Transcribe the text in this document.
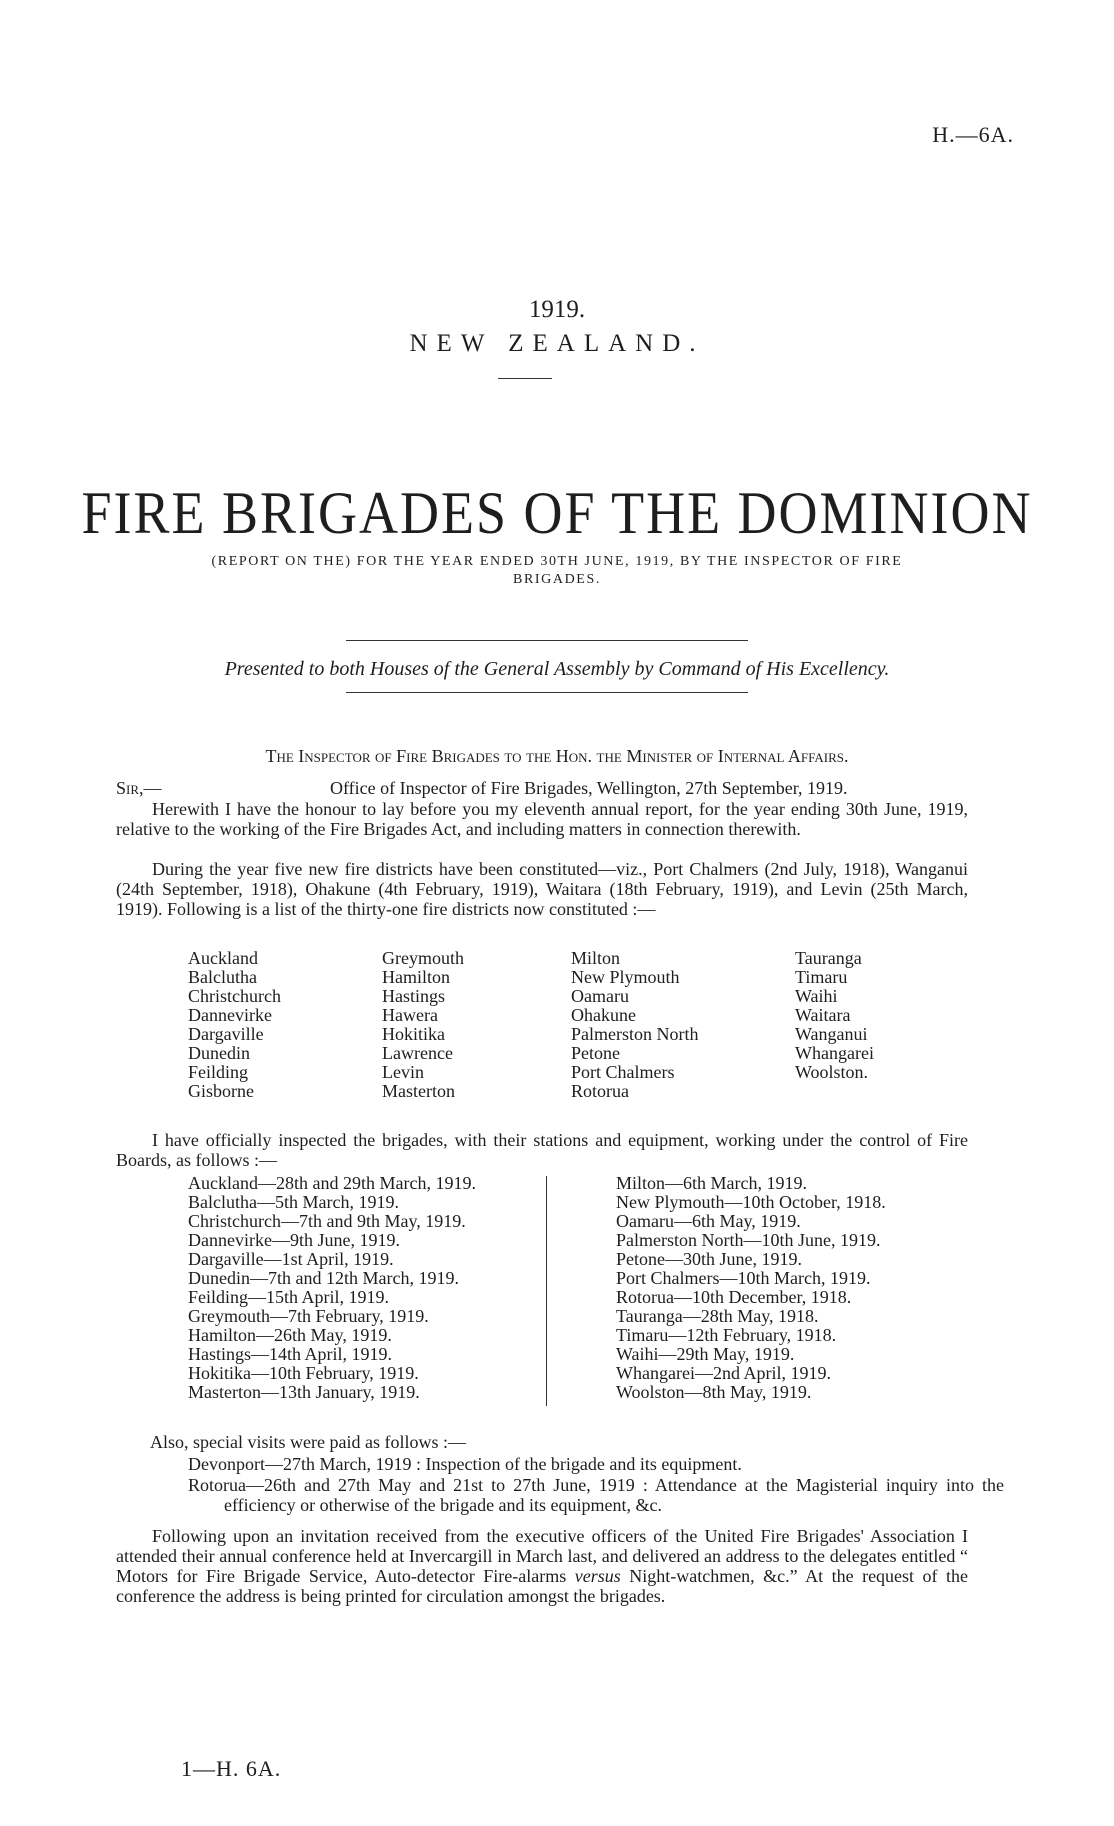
H.—6A.
1919.
NEW ZEALAND.
FIRE BRIGADES OF THE DOMINION
(REPORT ON THE) FOR THE YEAR ENDED 30TH JUNE, 1919, BY THE INSPECTOR OF FIRE BRIGADES.
Presented to both Houses of the General Assembly by Command of His Excellency.
The Inspector of Fire Brigades to the Hon. the Minister of Internal Affairs.
Sir,—	Office of Inspector of Fire Brigades, Wellington, 27th September, 1919.
Herewith I have the honour to lay before you my eleventh annual report, for the year ending 30th June, 1919, relative to the working of the Fire Brigades Act, and including matters in connection therewith.
During the year five new fire districts have been constituted—viz., Port Chalmers (2nd July, 1918), Wanganui (24th September, 1918), Ohakune (4th February, 1919), Waitara (18th February, 1919), and Levin (25th March, 1919). Following is a list of the thirty-one fire districts now constituted :—
Auckland
Balclutha
Christchurch
Dannevirke
Dargaville
Dunedin
Feilding
Gisborne
Greymouth
Hamilton
Hastings
Hawera
Hokitika
Lawrence
Levin
Masterton
Milton
New Plymouth
Oamaru
Ohakune
Palmerston North
Petone
Port Chalmers
Rotorua
Tauranga
Timaru
Waihi
Waitara
Wanganui
Whangarei
Woolston.
I have officially inspected the brigades, with their stations and equipment, working under the control of Fire Boards, as follows :—
Auckland—28th and 29th March, 1919.
Balclutha—5th March, 1919.
Christchurch—7th and 9th May, 1919.
Dannevirke—9th June, 1919.
Dargaville—1st April, 1919.
Dunedin—7th and 12th March, 1919.
Feilding—15th April, 1919.
Greymouth—7th February, 1919.
Hamilton—26th May, 1919.
Hastings—14th April, 1919.
Hokitika—10th February, 1919.
Masterton—13th January, 1919.
Milton—6th March, 1919.
New Plymouth—10th October, 1918.
Oamaru—6th May, 1919.
Palmerston North—10th June, 1919.
Petone—30th June, 1919.
Port Chalmers—10th March, 1919.
Rotorua—10th December, 1918.
Tauranga—28th May, 1918.
Timaru—12th February, 1918.
Waihi—29th May, 1919.
Whangarei—2nd April, 1919.
Woolston—8th May, 1919.
Also, special visits were paid as follows :—
Devonport—27th March, 1919 : Inspection of the brigade and its equipment.
Rotorua—26th and 27th May and 21st to 27th June, 1919 : Attendance at the Magisterial inquiry into the efficiency or otherwise of the brigade and its equipment, &c.
Following upon an invitation received from the executive officers of the United Fire Brigades' Association I attended their annual conference held at Invercargill in March last, and delivered an address to the delegates entitled “ Motors for Fire Brigade Service, Auto-detector Fire-alarms versus Night-watchmen, &c.” At the request of the conference the address is being printed for circulation amongst the brigades.
1—H. 6A.
